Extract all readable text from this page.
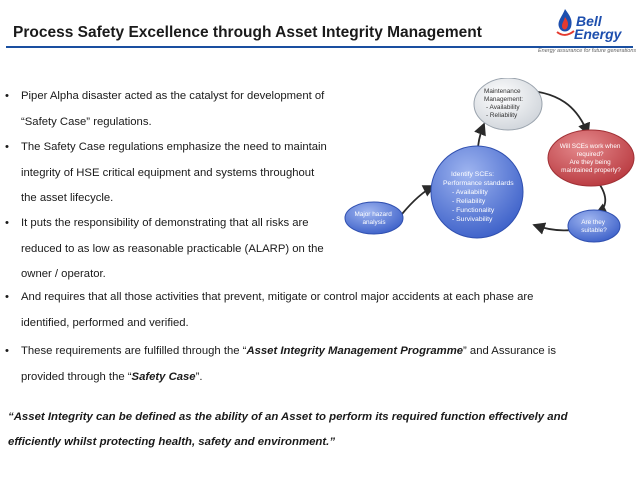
Process Safety Excellence through Asset Integrity Management
Bell
Energy
Energy assurance for future generations
• Piper Alpha disaster acted as the catalyst for development of
“Safety Case” regulations.
• The Safety Case regulations emphasize the need to maintain
integrity of HSE critical equipment and systems throughout
the asset lifecycle.
• It puts the responsibility of demonstrating that all risks are
reduced to as low as reasonable practicable (ALARP) on the
owner / operator.
• And requires that all those activities that prevent, mitigate or control major accidents at each phase are
identified, performed and verified.
• These requirements are fulfilled through the “Asset Integrity Management Programme” and Assurance is
provided through the “Safety Case”.
“Asset Integrity can be defined as the ability of an Asset to perform its required function effectively and
efficiently whilst protecting health, safety and environment.”
Maintenance Management: - Availability - Reliability
Identify SCEs: Performance standards - Availability - Reliability - Functionality - Survivability
Major hazard analysis
Will SCEs work when required? Are they being maintained properly?
Are they suitable?
